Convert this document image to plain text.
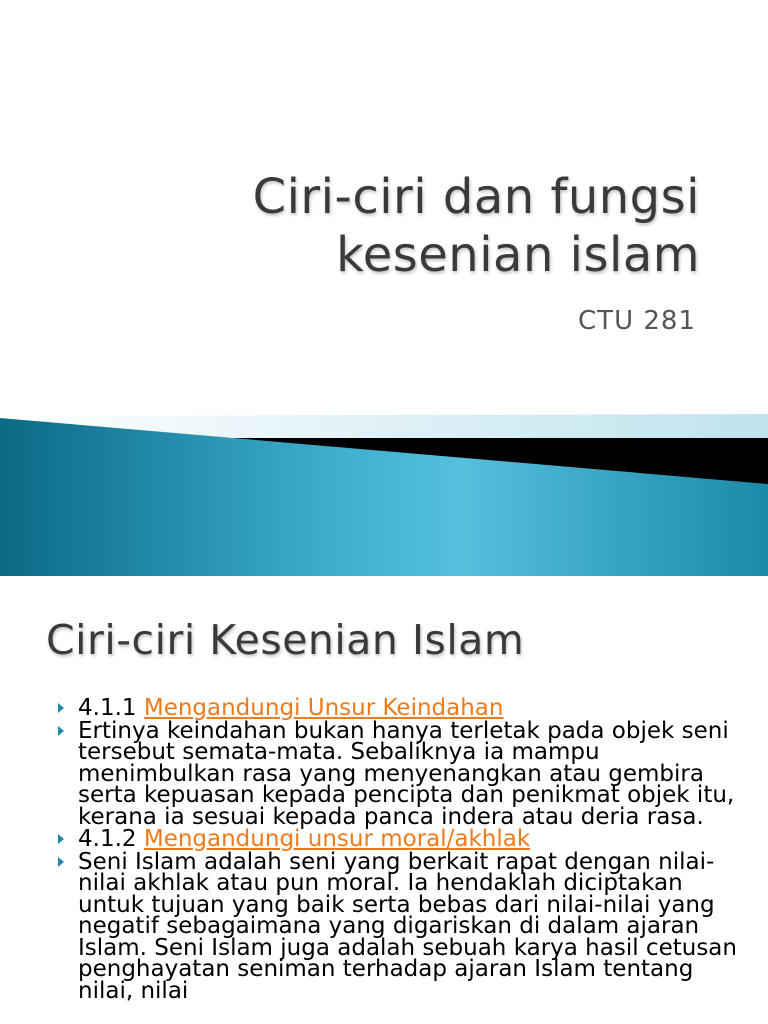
Ciri-ciri dan fungsi
kesenian islam
CTU 281
Ciri-ciri Kesenian Islam
4.1.1 Mengandungi Unsur Keindahan
Ertinya keindahan bukan hanya terletak pada objek seni tersebut semata-mata. Sebaliknya ia mampu menimbulkan rasa yang menyenangkan atau gembira serta kepuasan kepada pencipta dan penikmat objek itu, kerana ia sesuai kepada panca indera atau deria rasa.
4.1.2 Mengandungi unsur moral/akhlak
Seni Islam adalah seni yang berkait rapat dengan nilai-nilai akhlak atau pun moral. Ia hendaklah diciptakan untuk tujuan yang baik serta bebas dari nilai-nilai yang negatif sebagaimana yang digariskan di dalam ajaran Islam. Seni Islam juga adalah sebuah karya hasil cetusan penghayatan seniman terhadap ajaran Islam tentang nilai, nilai
